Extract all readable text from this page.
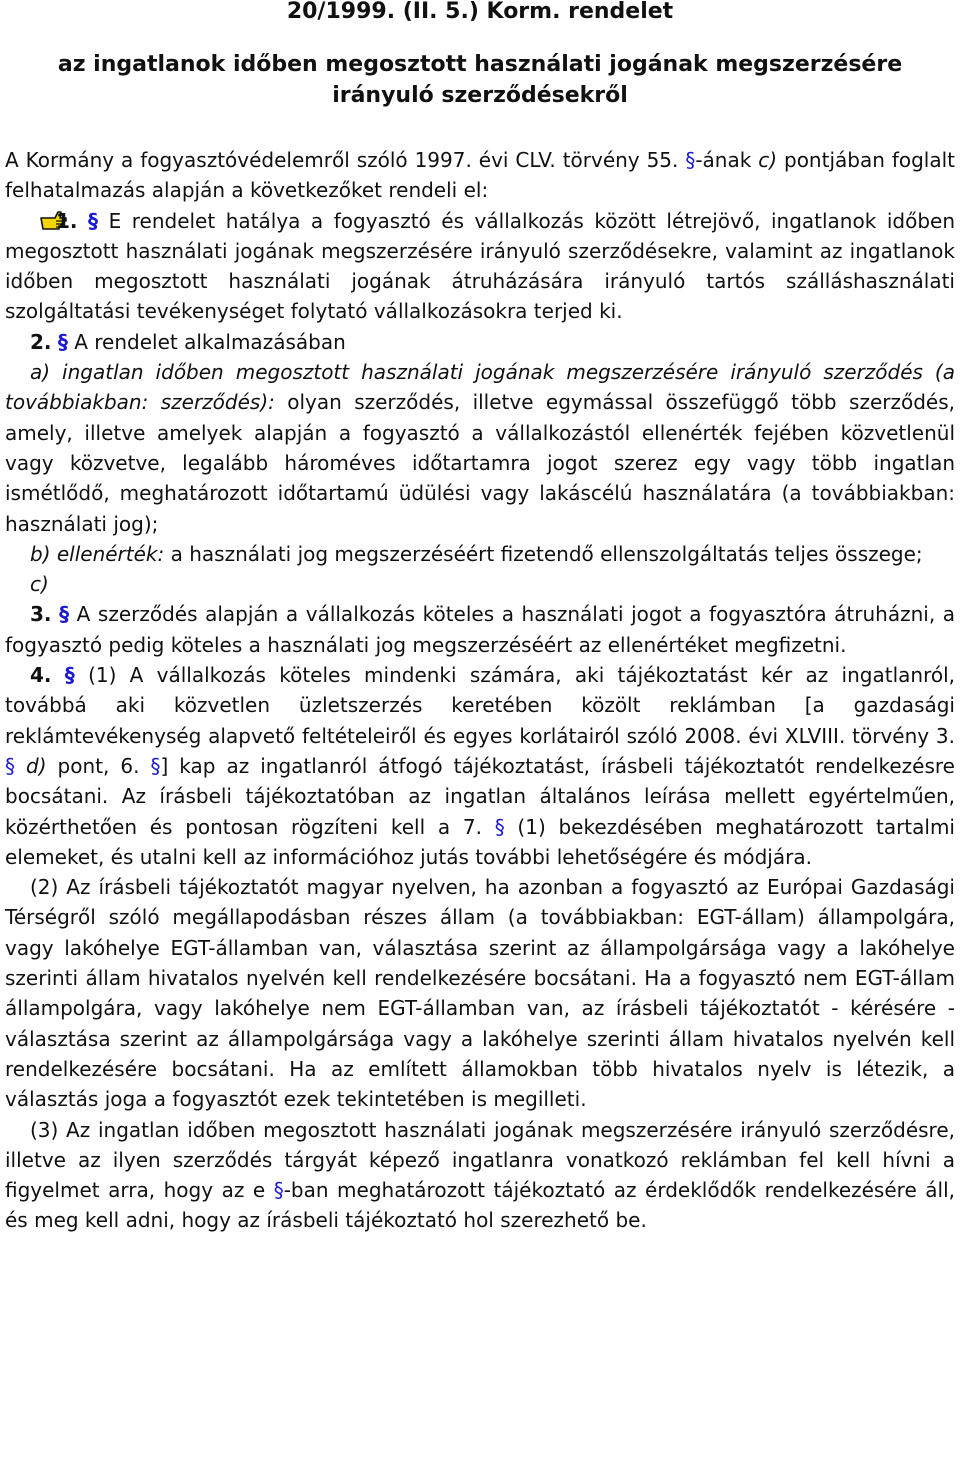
20/1999. (II. 5.) Korm. rendelet

az ingatlanok időben megosztott használati jogának megszerzésére

irányuló szerződésekről

A Kormány a fogyasztóvédelemről szóló 1997. évi CLV. törvény 55. §-ának c) pontjában foglalt felhatalmazás alapján a következőket rendeli el:

1. § E rendelet hatálya a fogyasztó és vállalkozás között létrejövő, ingatlanok időben megosztott használati jogának megszerzésére irányuló szerződésekre, valamint az ingatlanok időben megosztott használati jogának átruházására irányuló tartós szálláshasználati szolgáltatási tevékenységet folytató vállalkozásokra terjed ki.

2. § A rendelet alkalmazásában

a) ingatlan időben megosztott használati jogának megszerzésére irányuló szerződés (a továbbiakban: szerződés): olyan szerződés, illetve egymással összefüggő több szerződés, amely, illetve amelyek alapján a fogyasztó a vállalkozástól ellenérték fejében közvetlenül vagy közvetve, legalább hároméves időtartamra jogot szerez egy vagy több ingatlan ismétlődő, meghatározott időtartamú üdülési vagy lakáscélú használatára (a továbbiakban: használati jog);

b) ellenérték: a használati jog megszerzéséért fizetendő ellenszolgáltatás teljes összege;

c)

3. § A szerződés alapján a vállalkozás köteles a használati jogot a fogyasztóra átruházni, a fogyasztó pedig köteles a használati jog megszerzéséért az ellenértéket megfizetni.

4. § (1) A vállalkozás köteles mindenki számára, aki tájékoztatást kér az ingatlanról, továbbá aki közvetlen üzletszerzés keretében közölt reklámban [a gazdasági reklámtevékenység alapvető feltételeiről és egyes korlátairól szóló 2008. évi XLVIII. törvény 3. § d) pont, 6. §] kap az ingatlanról átfogó tájékoztatást, írásbeli tájékoztatót rendelkezésre bocsátani. Az írásbeli tájékoztatóban az ingatlan általános leírása mellett egyértelműen, közérthetően és pontosan rögzíteni kell a 7. § (1) bekezdésében meghatározott tartalmi elemeket, és utalni kell az információhoz jutás további lehetőségére és módjára.

(2) Az írásbeli tájékoztatót magyar nyelven, ha azonban a fogyasztó az Európai Gazdasági Térségről szóló megállapodásban részes állam (a továbbiakban: EGT-állam) állampolgára, vagy lakóhelye EGT-államban van, választása szerint az állampolgársága vagy a lakóhelye szerinti állam hivatalos nyelvén kell rendelkezésére bocsátani. Ha a fogyasztó nem EGT-állam állampolgára, vagy lakóhelye nem EGT-államban van, az írásbeli tájékoztatót - kérésére - választása szerint az állampolgársága vagy a lakóhelye szerinti állam hivatalos nyelvén kell rendelkezésére bocsátani. Ha az említett államokban több hivatalos nyelv is létezik, a választás joga a fogyasztót ezek tekintetében is megilleti.

(3) Az ingatlan időben megosztott használati jogának megszerzésére irányuló szerződésre, illetve az ilyen szerződés tárgyát képező ingatlanra vonatkozó reklámban fel kell hívni a figyelmet arra, hogy az e §-ban meghatározott tájékoztató az érdeklődők rendelkezésére áll, és meg kell adni, hogy az írásbeli tájékoztató hol szerezhető be.
